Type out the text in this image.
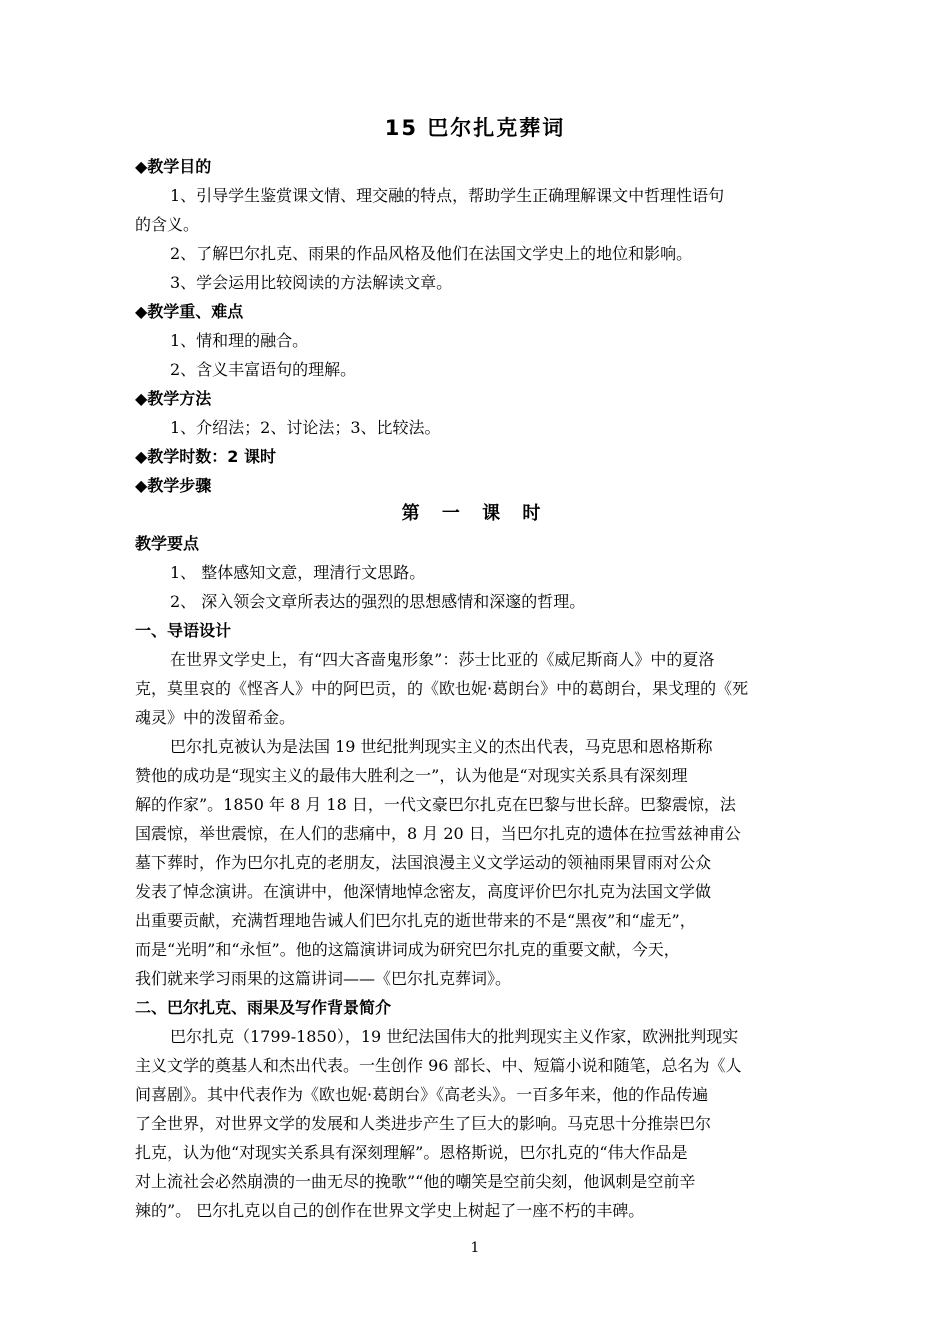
15 巴尔扎克葬词
◆教学目的
1、引导学生鉴赏课文情、理交融的特点，帮助学生正确理解课文中哲理性语句
的含义。
2、了解巴尔扎克、雨果的作品风格及他们在法国文学史上的地位和影响。
3、学会运用比较阅读的方法解读文章。
◆教学重、难点
1、情和理的融合。
2、含义丰富语句的理解。
◆教学方法
1、介绍法；2、讨论法；3、比较法。
◆教学时数：2 课时
◆教学步骤
第 一 课 时
教学要点
1、 整体感知文意，理清行文思路。
2、 深入领会文章所表达的强烈的思想感情和深邃的哲理。
一、导语设计
在世界文学史上，有“四大吝啬鬼形象”：莎士比亚的《威尼斯商人》中的夏洛
克，莫里哀的《悭吝人》中的阿巴贡，的《欧也妮·葛朗台》中的葛朗台，果戈理的《死
魂灵》中的泼留希金。
巴尔扎克被认为是法国 19 世纪批判现实主义的杰出代表，马克思和恩格斯称
赞他的成功是“现实主义的最伟大胜利之一”，认为他是“对现实关系具有深刻理
解的作家”。1850 年 8 月 18 日，一代文豪巴尔扎克在巴黎与世长辞。巴黎震惊，法
国震惊，举世震惊，在人们的悲痛中，8 月 20 日，当巴尔扎克的遗体在拉雪兹神甫公
墓下葬时，作为巴尔扎克的老朋友，法国浪漫主义文学运动的领袖雨果冒雨对公众
发表了悼念演讲。在演讲中，他深情地悼念密友，高度评价巴尔扎克为法国文学做
出重要贡献，充满哲理地告诫人们巴尔扎克的逝世带来的不是“黑夜”和“虚无”，
而是“光明”和“永恒”。他的这篇演讲词成为研究巴尔扎克的重要文献，今天，
我们就来学习雨果的这篇讲词——《巴尔扎克葬词》。
二、巴尔扎克、雨果及写作背景简介
巴尔扎克（1799-1850），19 世纪法国伟大的批判现实主义作家，欧洲批判现实
主义文学的奠基人和杰出代表。一生创作 96 部长、中、短篇小说和随笔，总名为《人
间喜剧》。其中代表作为《欧也妮·葛朗台》《高老头》。一百多年来，他的作品传遍
了全世界，对世界文学的发展和人类进步产生了巨大的影响。马克思十分推崇巴尔
扎克，认为他“对现实关系具有深刻理解”。恩格斯说，巴尔扎克的“伟大作品是
对上流社会必然崩溃的一曲无尽的挽歌”“他的嘲笑是空前尖刻，他讽刺是空前辛
辣的”。 巴尔扎克以自己的创作在世界文学史上树起了一座不朽的丰碑。
1
